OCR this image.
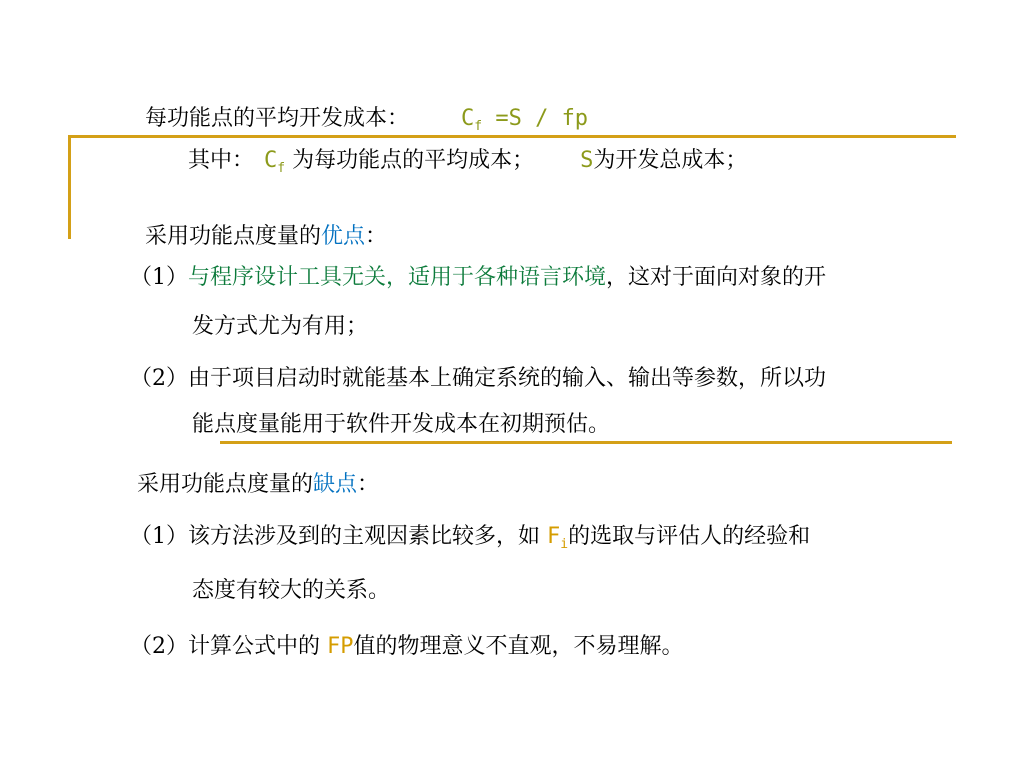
每功能点的平均开发成本： $C_f =S$ / fp
其中： $C_f$ 为每功能点的平均成本； S为开发总成本；
采用功能点度量的优点：
（1）与程序设计工具无关，适用于各种语言环境，这对于面向对象的开
发方式尤为有用；
（2）由于项目启动时就能基本上确定系统的输入、输出等参数，所以功
能点度量能用于软件开发成本在初期预估。
采用功能点度量的缺点：
（1）该方法涉及到的主观因素比较多，如 $F_i$的选取与评估人的经验和
态度有较大的关系。
（2）计算公式中的 FP值的物理意义不直观，不易理解。
